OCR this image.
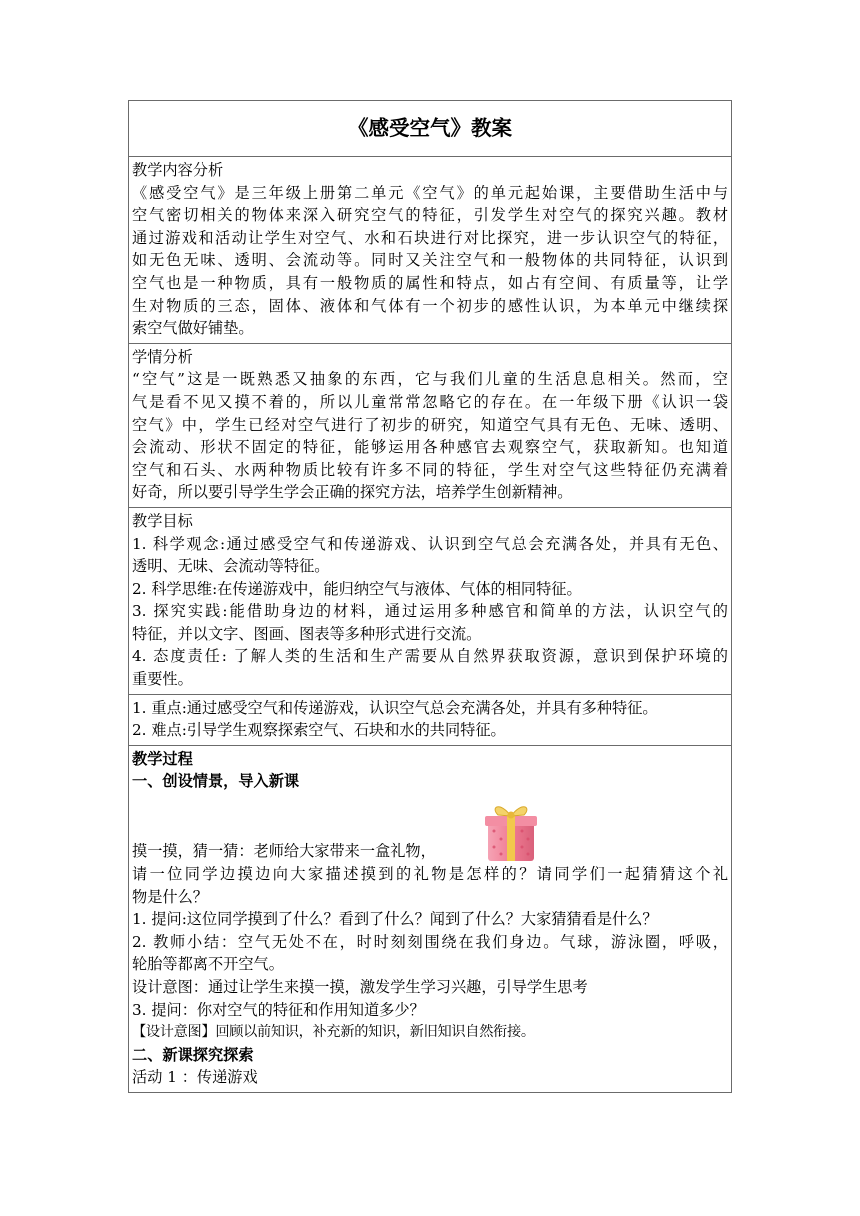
《感受空气》教案

教学内容分析
《感受空气》是三年级上册第二单元《空气》的单元起始课，主要借助生活中与
空气密切相关的物体来深入研究空气的特征，引发学生对空气的探究兴趣。教材
通过游戏和活动让学生对空气、水和石块进行对比探究，进一步认识空气的特征，
如无色无味、透明、会流动等。同时又关注空气和一般物体的共同特征，认识到
空气也是一种物质，具有一般物质的属性和特点，如占有空间、有质量等，让学
生对物质的三态，固体、液体和气体有一个初步的感性认识，为本单元中继续探
索空气做好铺垫。

学情分析
“空气”这是一既熟悉又抽象的东西，它与我们儿童的生活息息相关。然而，空
气是看不见又摸不着的，所以儿童常常忽略它的存在。在一年级下册《认识一袋
空气》中，学生已经对空气进行了初步的研究，知道空气具有无色、无味、透明、
会流动、形状不固定的特征，能够运用各种感官去观察空气，获取新知。也知道
空气和石头、水两种物质比较有许多不同的特征，学生对空气这些特征仍充满着
好奇，所以要引导学生学会正确的探究方法，培养学生创新精神。

教学目标
1. 科学观念:通过感受空气和传递游戏、认识到空气总会充满各处，并具有无色、
透明、无味、会流动等特征。
2. 科学思维:在传递游戏中，能归纳空气与液体、气体的相同特征。
3. 探究实践:能借助身边的材料，通过运用多种感官和简单的方法，认识空气的
特征，并以文字、图画、图表等多种形式进行交流。
4. 态度责任: 了解人类的生活和生产需要从自然界获取资源，意识到保护环境的
重要性。

1. 重点:通过感受空气和传递游戏，认识空气总会充满各处，并具有多种特征。
2. 难点:引导学生观察探索空气、石块和水的共同特征。

教学过程
一、创设情景，导入新课
摸一摸，猜一猜：老师给大家带来一盒礼物，
请一位同学边摸边向大家描述摸到的礼物是怎样的？请同学们一起猜猜这个礼
物是什么？
1. 提问:这位同学摸到了什么？看到了什么？闻到了什么？大家猜猜看是什么？
2. 教师小结：空气无处不在，时时刻刻围绕在我们身边。气球，游泳圈，呼吸，
轮胎等都离不开空气。
设计意图：通过让学生来摸一摸，激发学生学习兴趣，引导学生思考
3. 提问：你对空气的特征和作用知道多少？
【设计意图】回顾以前知识，补充新的知识，新旧知识自然衔接。
二、新课探究探索
活动 1 ：传递游戏
